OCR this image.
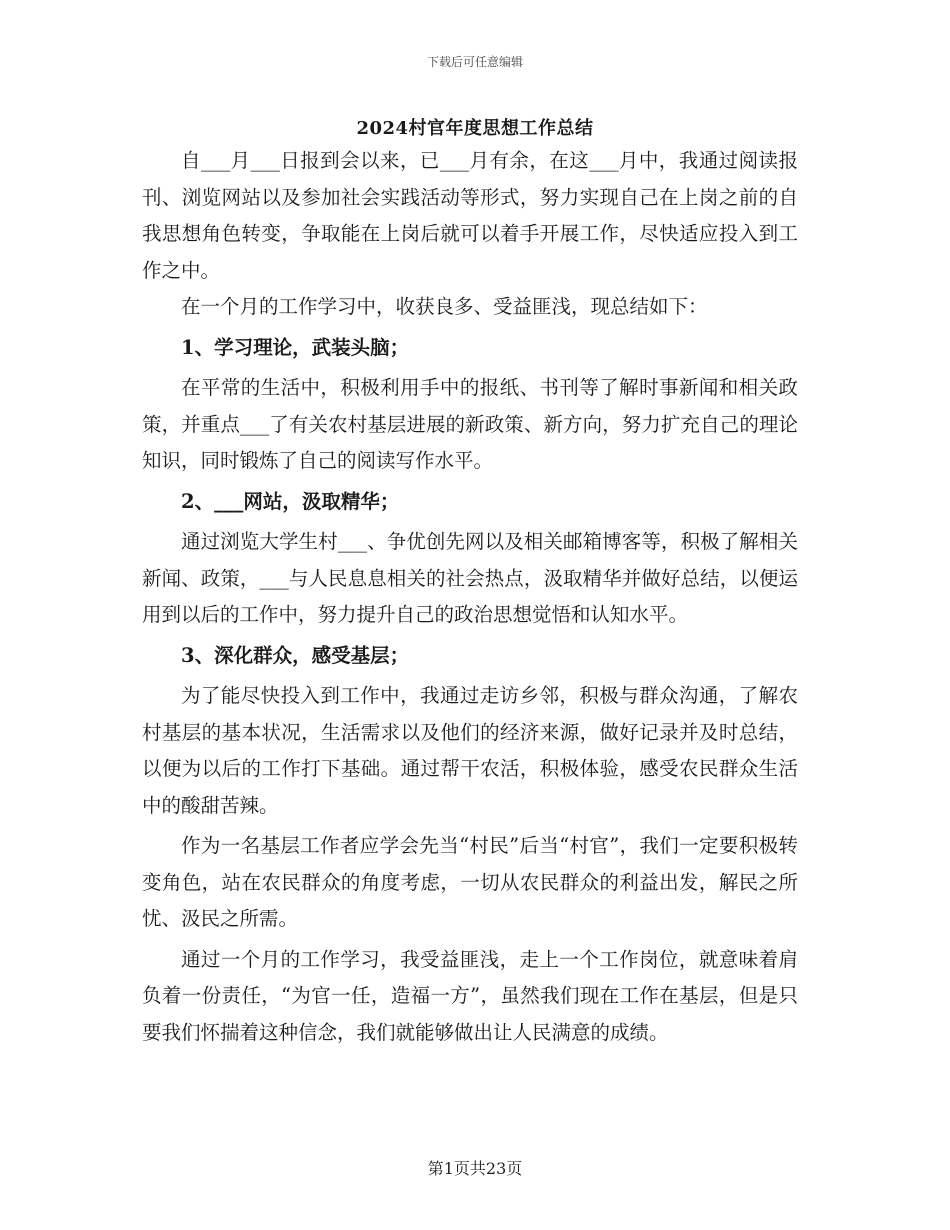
下载后可任意编辑
2024村官年度思想工作总结

自___月___日报到会以来，已___月有余，在这___月中，我通过阅读报刊、浏览网站以及参加社会实践活动等形式，努力实现自己在上岗之前的自我思想角色转变，争取能在上岗后就可以着手开展工作，尽快适应投入到工作之中。

在一个月的工作学习中，收获良多、受益匪浅，现总结如下：

1、学习理论，武装头脑；

在平常的生活中，积极利用手中的报纸、书刊等了解时事新闻和相关政策，并重点___了有关农村基层进展的新政策、新方向，努力扩充自己的理论知识，同时锻炼了自己的阅读写作水平。

2、___网站，汲取精华；

通过浏览大学生村___、争优创先网以及相关邮箱博客等，积极了解相关新闻、政策，___与人民息息相关的社会热点，汲取精华并做好总结，以便运用到以后的工作中，努力提升自己的政治思想觉悟和认知水平。

3、深化群众，感受基层；

为了能尽快投入到工作中，我通过走访乡邻，积极与群众沟通，了解农村基层的基本状况，生活需求以及他们的经济来源，做好记录并及时总结，以便为以后的工作打下基础。通过帮干农活，积极体验，感受农民群众生活中的酸甜苦辣。

作为一名基层工作者应学会先当“村民”后当“村官”，我们一定要积极转变角色，站在农民群众的角度考虑，一切从农民群众的利益出发，解民之所忧、汲民之所需。

通过一个月的工作学习，我受益匪浅，走上一个工作岗位，就意味着肩负着一份责任，“为官一任，造福一方”，虽然我们现在工作在基层，但是只要我们怀揣着这种信念，我们就能够做出让人民满意的成绩。

第1页共23页
